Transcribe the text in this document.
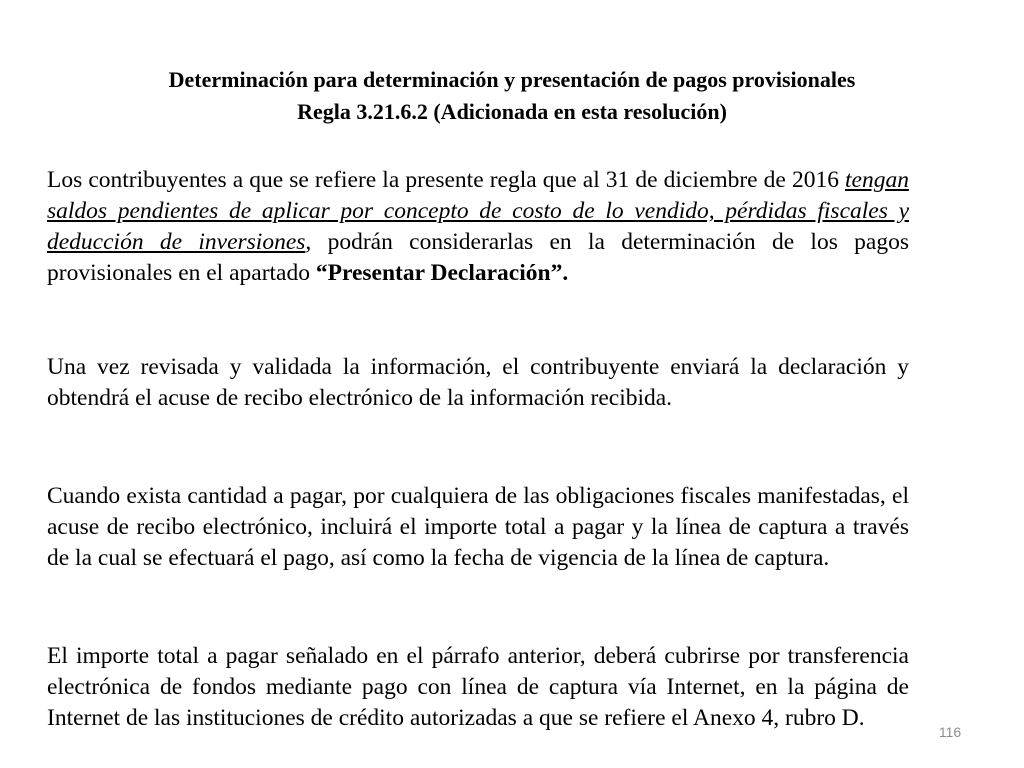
Determinación para determinación y presentación de pagos provisionales
Regla 3.21.6.2 (Adicionada en esta resolución)
Los contribuyentes a que se refiere la presente regla que al 31 de diciembre de 2016 tengan saldos pendientes de aplicar por concepto de costo de lo vendido, pérdidas fiscales y deducción de inversiones, podrán considerarlas en la determinación de los pagos provisionales en el apartado “Presentar Declaración”.
Una vez revisada y validada la información, el contribuyente enviará la declaración y obtendrá el acuse de recibo electrónico de la información recibida.
Cuando exista cantidad a pagar, por cualquiera de las obligaciones fiscales manifestadas, el acuse de recibo electrónico, incluirá el importe total a pagar y la línea de captura a través de la cual se efectuará el pago, así como la fecha de vigencia de la línea de captura.
El importe total a pagar señalado en el párrafo anterior, deberá cubrirse por transferencia electrónica de fondos mediante pago con línea de captura vía Internet, en la página de Internet de las instituciones de crédito autorizadas a que se refiere el Anexo 4, rubro D.
116
